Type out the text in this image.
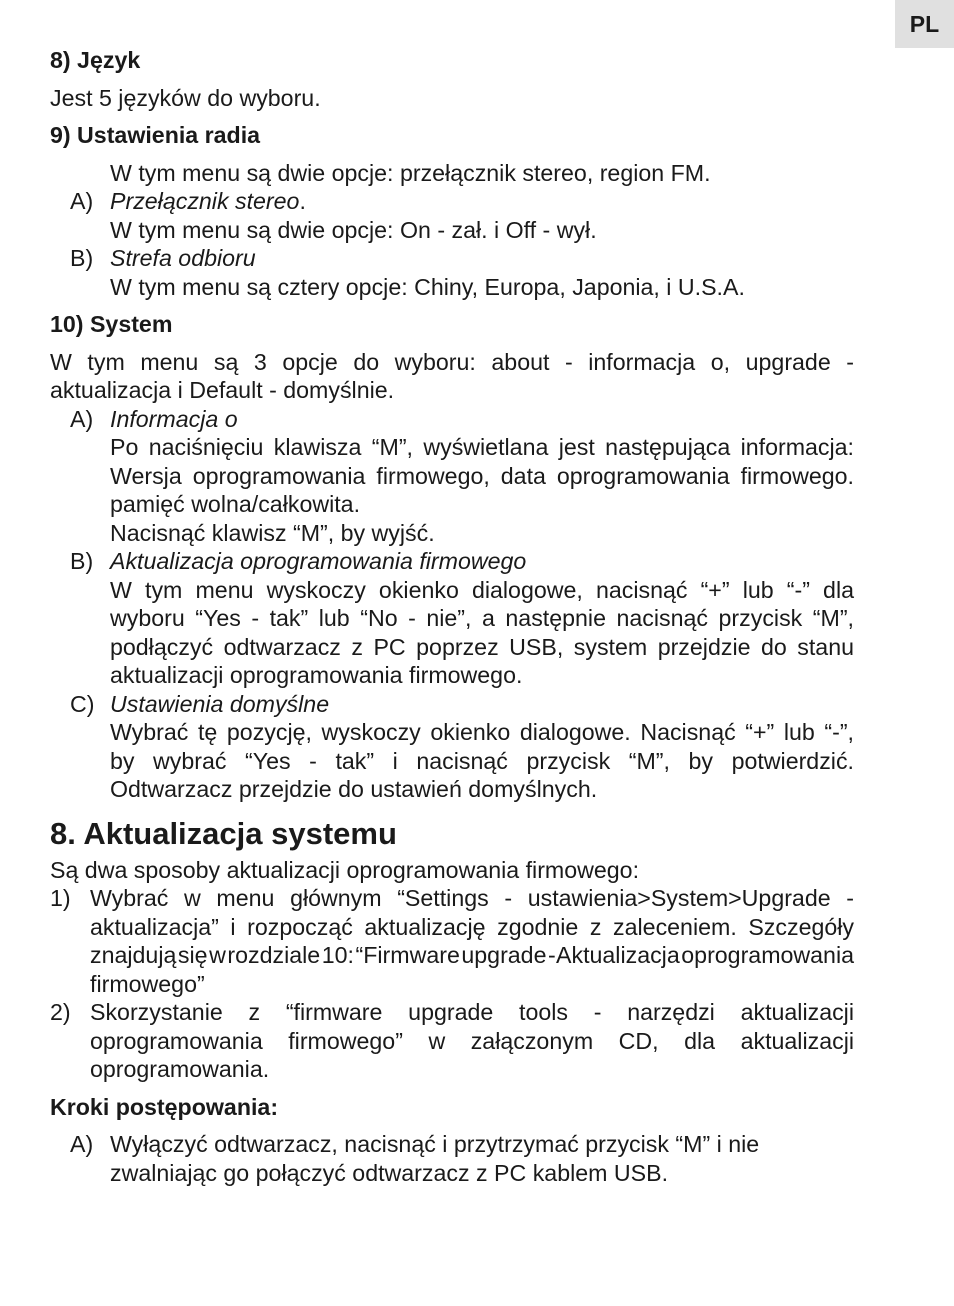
PL

8) Język

Jest 5 języków do wyboru.

9) Ustawienia radia

W tym menu są dwie opcje: przełącznik stereo, region FM.

A) Przełącznik stereo.

W tym menu są dwie opcje: On - zał. i Off - wył.

B) Strefa odbioru

W tym menu są cztery opcje: Chiny, Europa, Japonia, i U.S.A.

10) System

W tym menu są 3 opcje do wyboru: about - informacja o, upgrade - aktualizacja i Default - domyślnie.

A) Informacja o

Po naciśnięciu klawisza “M”, wyświetlana jest następująca informacja: Wersja oprogramowania firmowego, data oprogramowania firmowego. pamięć wolna/całkowita.

Nacisnąć klawisz “M”, by wyjść.

B) Aktualizacja oprogramowania firmowego

W tym menu wyskoczy okienko dialogowe, nacisnąć “+” lub “-” dla wyboru “Yes - tak” lub “No - nie”, a następnie nacisnąć przycisk “M”, podłączyć odtwarzacz z PC poprzez USB, system przejdzie do stanu aktualizacji oprogramowania firmowego.

C) Ustawienia domyślne

Wybrać tę pozycję, wyskoczy okienko dialogowe. Nacisnąć “+” lub “-”, by wybrać “Yes - tak” i nacisnąć przycisk “M”, by potwierdzić. Odtwarzacz przejdzie do ustawień domyślnych.

8. Aktualizacja systemu

Są dwa sposoby aktualizacji oprogramowania firmowego:

1) Wybrać w menu głównym “Settings - ustawienia>System>Upgrade - aktualizacja” i rozpocząć aktualizację zgodnie z zaleceniem. Szczegóły znajdują się w rozdziale 10: “Firmware upgrade - Aktualizacja oprogramowania firmowego”

2) Skorzystanie z “firmware upgrade tools - narzędzi aktualizacji oprogramowania firmowego” w załączonym CD, dla aktualizacji oprogramowania.

Kroki postępowania:

A) Wyłączyć odtwarzacz, nacisnąć i przytrzymać przycisk “M” i nie zwalniając go połączyć odtwarzacz z PC kablem USB.
